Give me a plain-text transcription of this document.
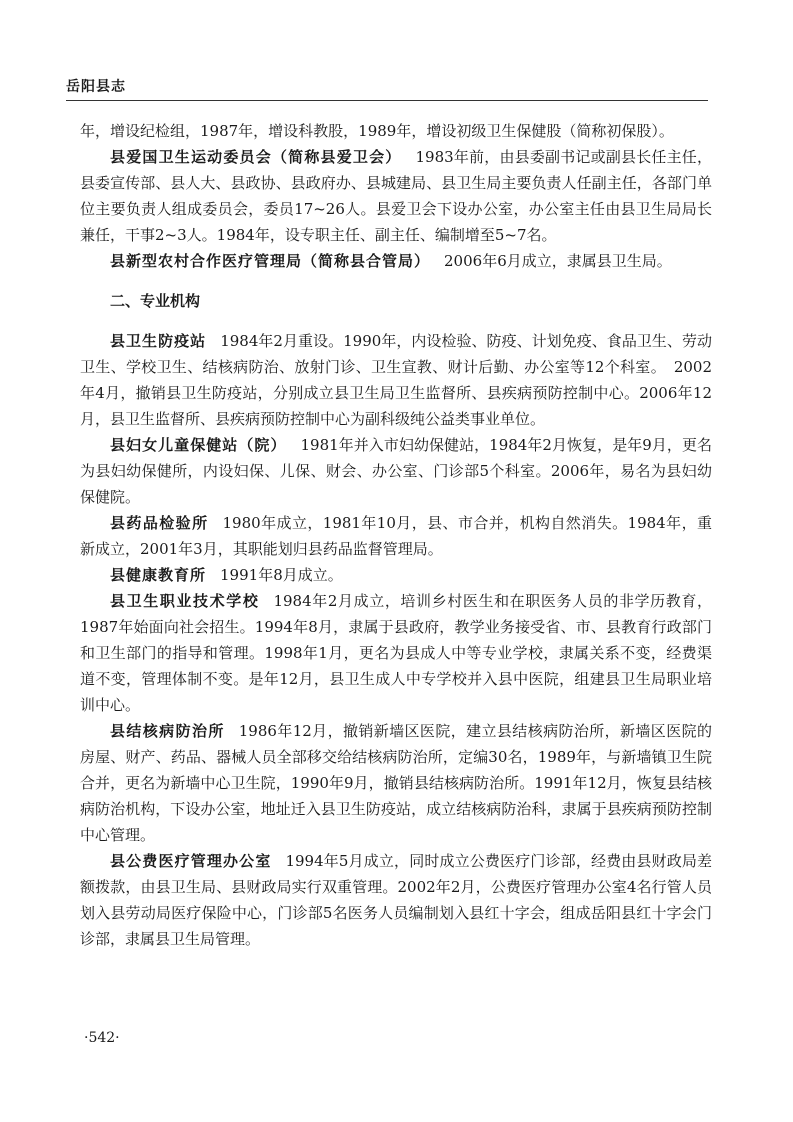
岳阳县志

年，增设纪检组，1987年，增设科教股，1989年，增设初级卫生保健股（简称初保股）。

县爱国卫生运动委员会（简称县爱卫会） 1983年前，由县委副书记或副县长任主任，县委宣传部、县人大、县政协、县政府办、县城建局、县卫生局主要负责人任副主任，各部门单位主要负责人组成委员会，委员17~26人。县爱卫会下设办公室，办公室主任由县卫生局局长兼任，干事2~3人。1984年，设专职主任、副主任、编制增至5~7名。

县新型农村合作医疗管理局（简称县合管局） 2006年6月成立，隶属县卫生局。

二、专业机构

县卫生防疫站 1984年2月重设。1990年，内设检验、防疫、计划免疫、食品卫生、劳动卫生、学校卫生、结核病防治、放射门诊、卫生宣教、财计后勤、办公室等12个科室。　2002年4月，撤销县卫生防疫站，分别成立县卫生局卫生监督所、县疾病预防控制中心。2006年12月，县卫生监督所、县疾病预防控制中心为副科级纯公益类事业单位。

县妇女儿童保健站（院） 1981年并入市妇幼保健站，1984年2月恢复，是年9月，更名为县妇幼保健所，内设妇保、儿保、财会、办公室、门诊部5个科室。2006年，易名为县妇幼保健院。

县药品检验所 1980年成立，1981年10月，县、市合并，机构自然消失。1984年，重新成立，2001年3月，其职能划归县药品监督管理局。

县健康教育所 1991年8月成立。

县卫生职业技术学校 1984年2月成立，培训乡村医生和在职医务人员的非学历教育，1987年始面向社会招生。1994年8月，隶属于县政府，教学业务接受省、市、县教育行政部门和卫生部门的指导和管理。1998年1月，更名为县成人中等专业学校，隶属关系不变，经费渠道不变，管理体制不变。是年12月，县卫生成人中专学校并入县中医院，组建县卫生局职业培训中心。

县结核病防治所 1986年12月，撤销新墙区医院，建立县结核病防治所，新墙区医院的房屋、财产、药品、器械人员全部移交给结核病防治所，定编30名，1989年，与新墙镇卫生院合并，更名为新墙中心卫生院，1990年9月，撤销县结核病防治所。1991年12月，恢复县结核病防治机构，下设办公室，地址迁入县卫生防疫站，成立结核病防治科，隶属于县疾病预防控制中心管理。

县公费医疗管理办公室 1994年5月成立，同时成立公费医疗门诊部，经费由县财政局差额拨款，由县卫生局、县财政局实行双重管理。2002年2月，公费医疗管理办公室4名行管人员划入县劳动局医疗保险中心，门诊部5名医务人员编制划入县红十字会，组成岳阳县红十字会门诊部，隶属县卫生局管理。

·542·
